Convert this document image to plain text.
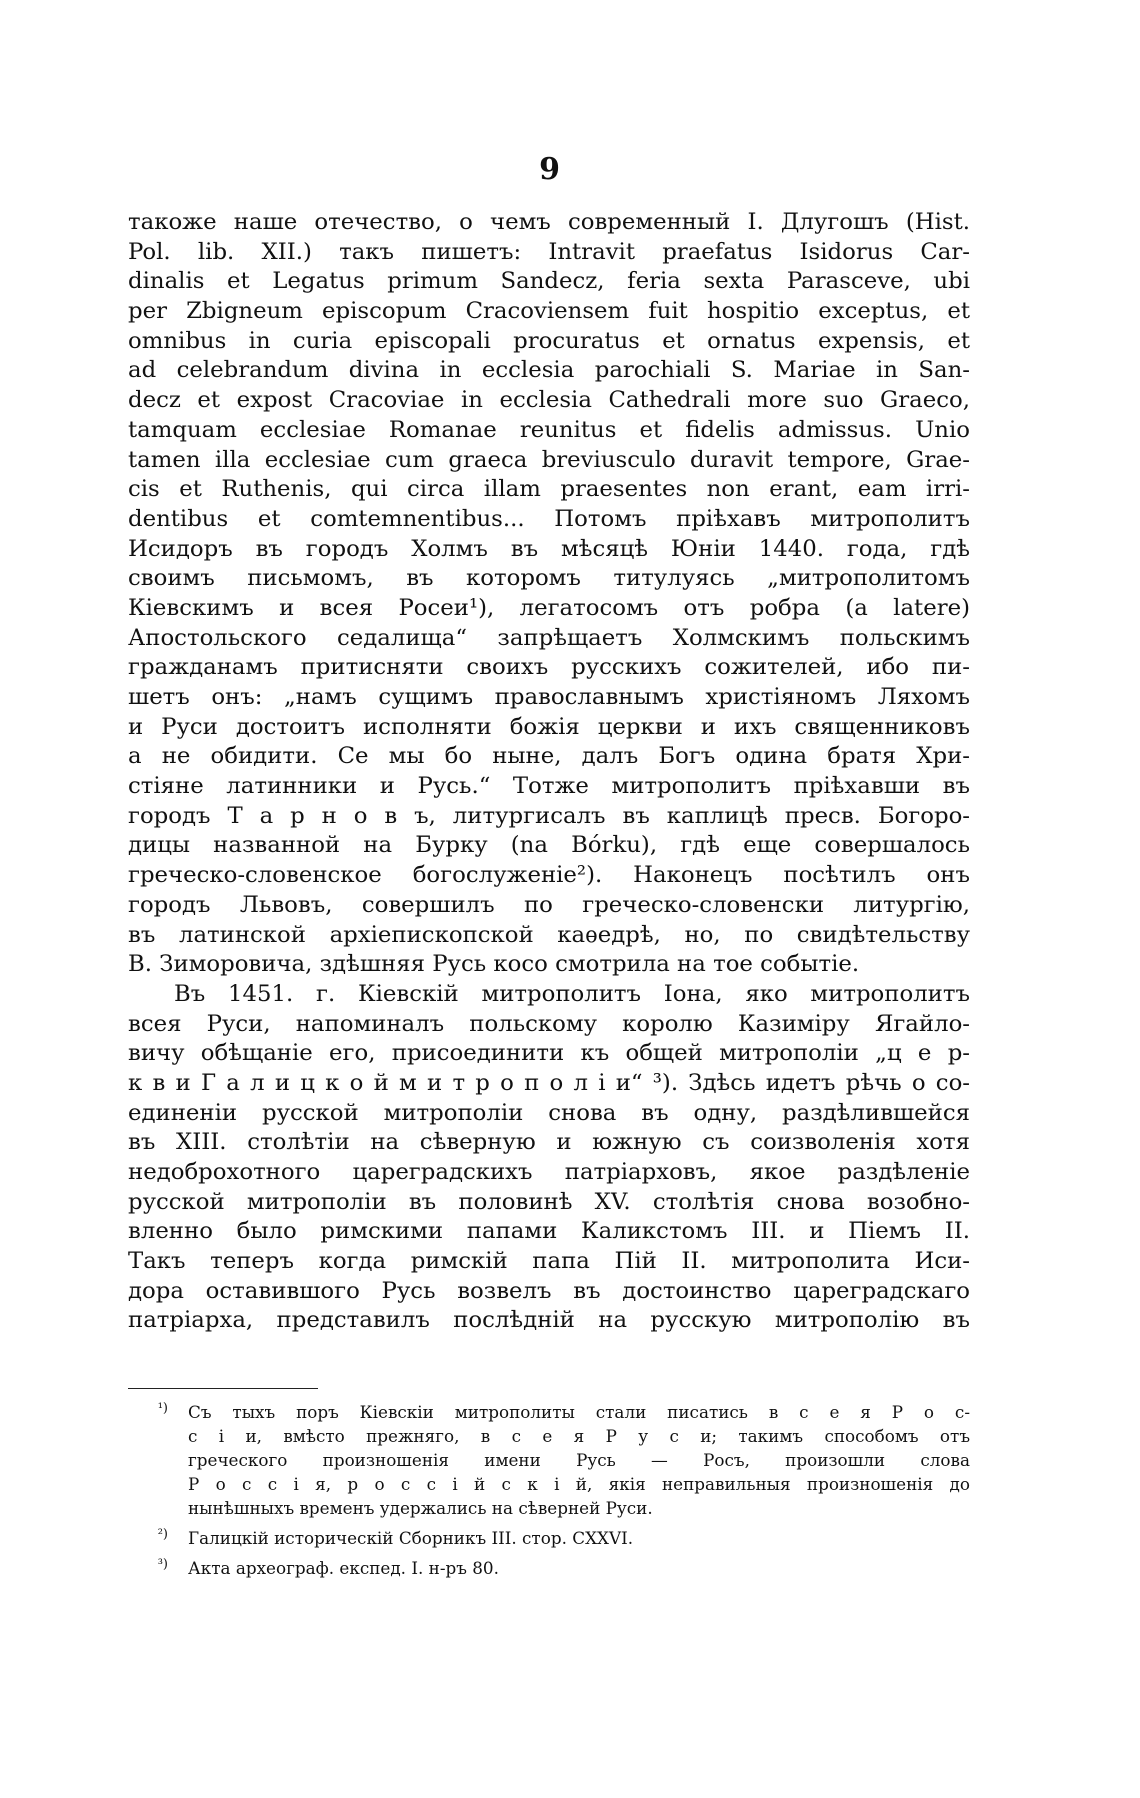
9
такожe наше отечество, о чемъ современный І. Длугошъ (Hist.
Pol. lib. XII.) такъ пишетъ: Intravit praefatus Isidorus Car-
dinalis et Legatus primum Sandecz, feria sexta Parasceve, ubi
per Zbigneum episcopum Cracoviensem fuit hospitio exceptus, et
omnibus in curia episcopali procuratus et ornatus expensis, et
ad celebrandum divina in ecclesia parochiali S. Mariae in San-
decz et expost Cracoviae in ecclesia Cathedrali more suo Graeco,
tamquam ecclesiae Romanae reunitus et fidelis admissus. Unio
tamen illa ecclesiae cum graeca breviusculo duravit tempore, Grae-
cis et Ruthenis, qui circa illam praesentes non erant, eam irri-
dentibus et comtemnentibus... Потомъ пріѣхавъ митрополитъ
Исидоръ въ городъ Холмъ въ мѣсяцѣ Юніи 1440. года, гдѣ
своимъ письмомъ, въ которомъ титулуясь „митрополитомъ
Кіевскимъ и всея Росеи¹), легатосомъ отъ робра (a latere)
Апостольского седалища“ запрѣщаетъ Холмскимъ польскимъ
гражданамъ притисняти своихъ русскихъ сожителей, ибо пи-
шетъ онъ: „намъ сущимъ православнымъ христіяномъ Ляхомъ
и Руси достоитъ исполняти божія церкви и ихъ священниковъ
а не обидити. Се мы бо ныне, далъ Богъ одина братя Хри-
стіяне латинники и Русь.“ Тотже митрополитъ пріѣхавши въ
городъ Т а р н о в ъ, литургисалъ въ каплицѣ пресв. Богоро-
дицы названной на Бурку (na Bórku), гдѣ еще совершалось
греческо-словенское богослуженіе²). Наконецъ посѣтилъ онъ
городъ Львовъ, совершилъ по греческо-словенски литургію,
въ латинской архіепископской каѳедрѣ, но, по свидѣтельству
В. Зиморовича, здѣшняя Русь косо смотрила на тое событіе.
Въ 1451. г. Кіевскій митрополитъ Іона, яко митрополитъ
всея Руси, напоминалъ польскому королю Казиміру Ягайло-
вичу обѣщаніе его, присоединити къ общей митрополіи „ц е р-
к в и Г а л и ц к о й м и т р о п о л і и“ ³). Здѣсь идетъ рѣчь о со-
единеніи русской митрополіи снова въ одну, раздѣлившейся
въ XIII. столѣтіи на сѣверную и южную съ соизволенія хотя
недоброхотного цареградскихъ патріарховъ, якое раздѣленіе
русской митрополіи въ половинѣ XV. столѣтія снова возобно-
вленно было римскими папами Каликстомъ III. и Піемъ II.
Такъ теперъ когда римскій папа Пій II. митрополита Иси-
дора оставившого Русь возвелъ въ достоинство цареградскаго
патріарха, представилъ послѣдній на русскую митрополію въ
¹) Съ тыхъ поръ Кіевскіи митрополиты стали писатись в с е я Р о с-
с і и, вмѣсто прежняго, в с е я Р у с и; такимъ способомъ отъ
греческого произношенія имени Русь — Росъ, произошли слова
Р о с с і я, р о с с і й с к і й, якія неправильныя произношенія до
нынѣшныхъ временъ удержались на сѣверней Руси.
²) Галицкій историческій Сборникъ III. стор. CXXVI.
³) Акта археограф. експед. І. н-ръ 80.
